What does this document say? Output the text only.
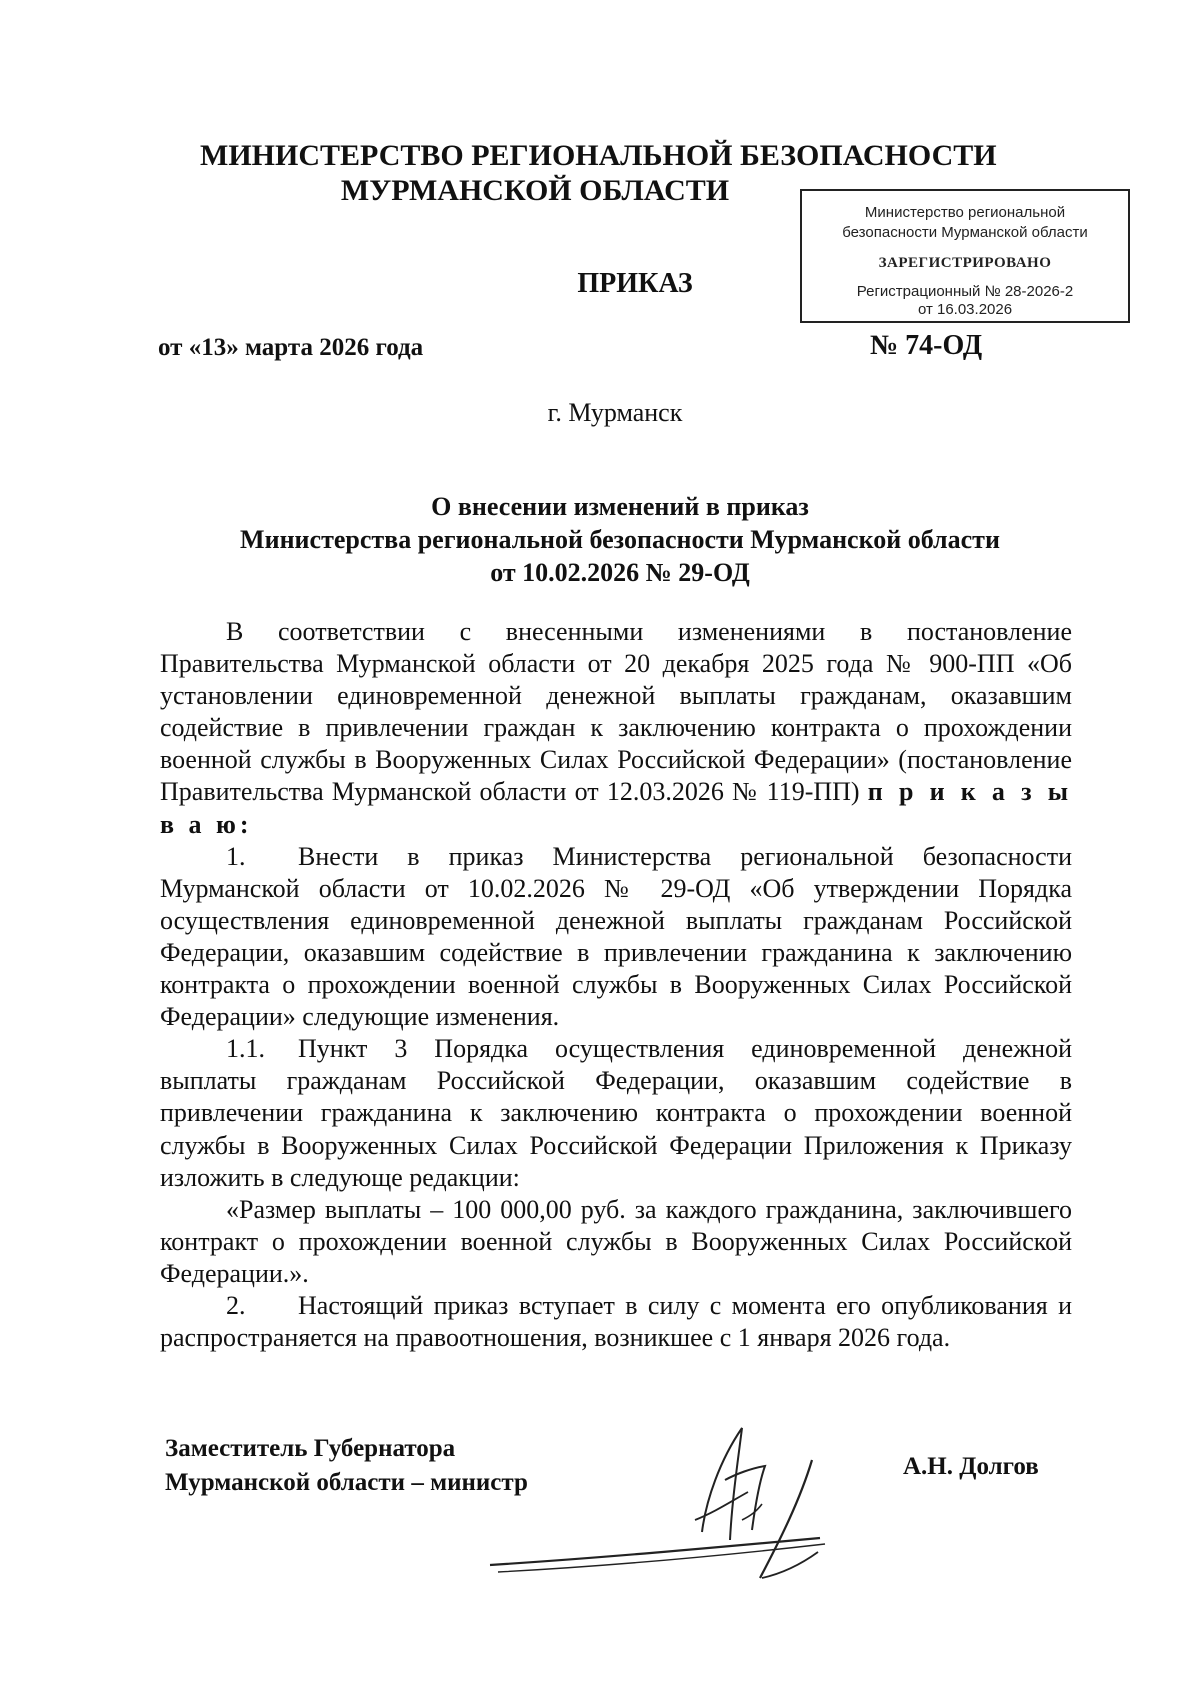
МИНИСТЕРСТВО РЕГИОНАЛЬНОЙ БЕЗОПАСНОСТИ
МУРМАНСКОЙ ОБЛАСТИ
Министерство региональной
безопасности Мурманской области
ЗАРЕГИСТРИРОВАНО
Регистрационный № 28-2026-2
от 16.03.2026
ПРИКАЗ
от «13» марта 2026 года	№ 74-ОД
г. Мурманск
О внесении изменений в приказ
Министерства региональной безопасности Мурманской области
от 10.02.2026 № 29-ОД

В соответствии с внесенными изменениями в постановление Правительства Мурманской области от 20 декабря 2025 года № 900-ПП «Об установлении единовременной денежной выплаты гражданам, оказавшим содействие в привлечении граждан к заключению контракта о прохождении военной службы в Вооруженных Силах Российской Федерации» (постановление Правительства Мурманской области от 12.03.2026 № 119-ПП) п р и к а з ы в а ю:

1. Внести в приказ Министерства региональной безопасности Мурманской области от 10.02.2026 № 29-ОД «Об утверждении Порядка осуществления единовременной денежной выплаты гражданам Российской Федерации, оказавшим содействие в привлечении гражданина к заключению контракта о прохождении военной службы в Вооруженных Силах Российской Федерации» следующие изменения.

1.1. Пункт 3 Порядка осуществления единовременной денежной выплаты гражданам Российской Федерации, оказавшим содействие в привлечении гражданина к заключению контракта о прохождении военной службы в Вооруженных Силах Российской Федерации Приложения к Приказу изложить в следующе редакции:

«Размер выплаты – 100 000,00 руб. за каждого гражданина, заключившего контракт о прохождении военной службы в Вооруженных Силах Российской Федерации.».

2. Настоящий приказ вступает в силу с момента его опубликования и распространяется на правоотношения, возникшее с 1 января 2026 года.

Заместитель Губернатора
Мурманской области – министр
А.Н. Долгов
